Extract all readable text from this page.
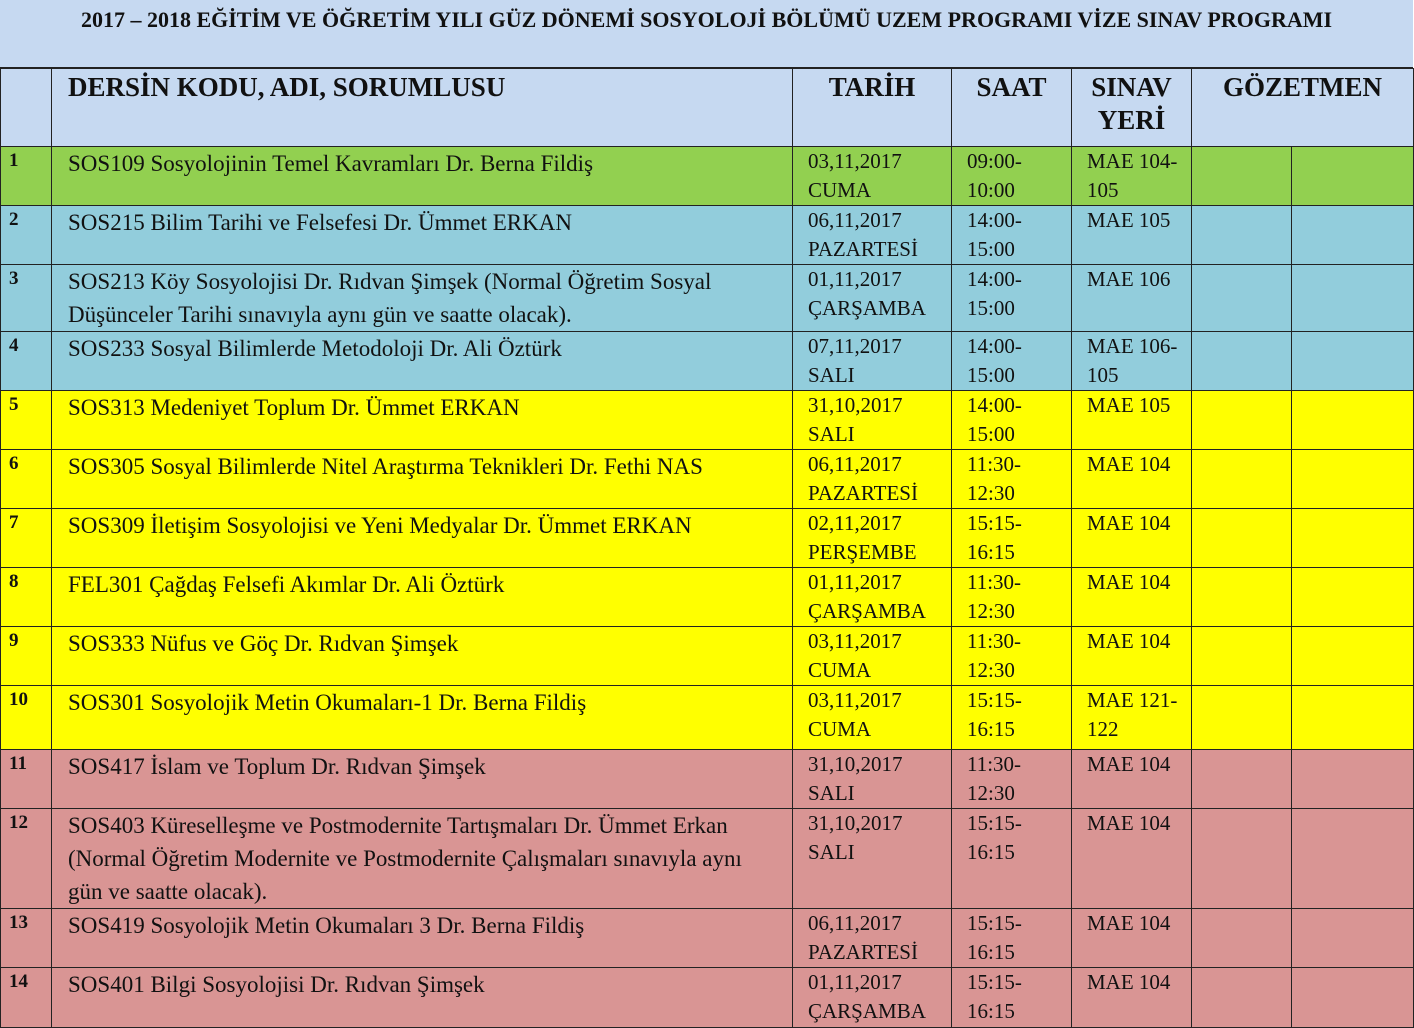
2017 – 2018 EĞİTİM VE ÖĞRETİM YILI GÜZ DÖNEMİ SOSYOLOJİ BÖLÜMÜ UZEM PROGRAMI VİZE SINAV PROGRAMI
	DERSİN KODU, ADI, SORUMLUSU	TARİH	SAAT	SINAV YERİ	GÖZETMEN	
1	SOS109 Sosyolojinin Temel Kavramları Dr. Berna Fildiş	03,11,2017 CUMA	09:00- 10:00	MAE 104-105		
2	SOS215 Bilim Tarihi ve Felsefesi Dr. Ümmet ERKAN	06,11,2017 PAZARTESİ	14:00- 15:00	MAE 105		
3	SOS213 Köy Sosyolojisi Dr. Rıdvan Şimşek (Normal Öğretim Sosyal Düşünceler Tarihi sınavıyla aynı gün ve saatte olacak).	01,11,2017 ÇARŞAMBA	14:00- 15:00	MAE 106		
4	SOS233 Sosyal Bilimlerde Metodoloji Dr. Ali Öztürk	07,11,2017 SALI	14:00- 15:00	MAE 106-105		
5	SOS313 Medeniyet Toplum Dr. Ümmet ERKAN	31,10,2017 SALI	14:00- 15:00	MAE 105		
6	SOS305 Sosyal Bilimlerde Nitel Araştırma Teknikleri Dr. Fethi NAS	06,11,2017 PAZARTESİ	11:30- 12:30	MAE 104		
7	SOS309 İletişim Sosyolojisi ve Yeni Medyalar Dr. Ümmet ERKAN	02,11,2017 PERŞEMBE	15:15- 16:15	MAE 104		
8	FEL301 Çağdaş Felsefi Akımlar Dr. Ali Öztürk	01,11,2017 ÇARŞAMBA	11:30- 12:30	MAE 104		
9	SOS333 Nüfus ve Göç Dr. Rıdvan Şimşek	03,11,2017 CUMA	11:30- 12:30	MAE 104		
10	SOS301 Sosyolojik Metin Okumaları-1 Dr. Berna Fildiş	03,11,2017 CUMA	15:15- 16:15	MAE 121-122		
11	SOS417 İslam ve Toplum Dr. Rıdvan Şimşek	31,10,2017 SALI	11:30- 12:30	MAE 104		
12	SOS403 Küreselleşme ve Postmodernite Tartışmaları Dr. Ümmet Erkan (Normal Öğretim Modernite ve Postmodernite Çalışmaları sınavıyla aynı gün ve saatte olacak).	31,10,2017 SALI	15:15- 16:15	MAE 104		
13	SOS419 Sosyolojik Metin Okumaları 3 Dr. Berna Fildiş	06,11,2017 PAZARTESİ	15:15- 16:15	MAE 104		
14	SOS401 Bilgi Sosyolojisi Dr. Rıdvan Şimşek	01,11,2017 ÇARŞAMBA	15:15- 16:15	MAE 104		
